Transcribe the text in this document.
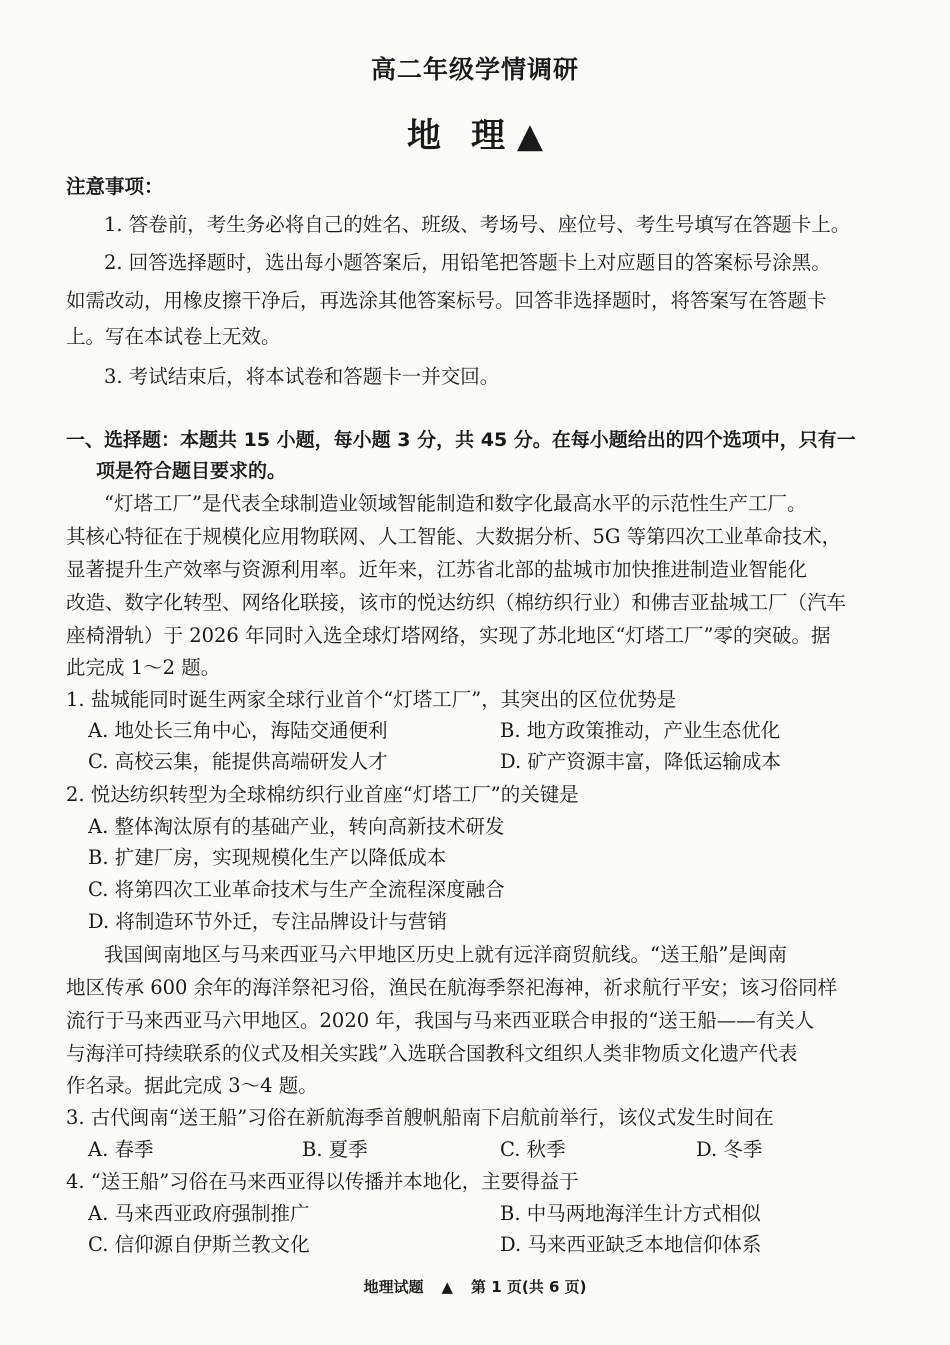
高二年级学情调研
地 理 ▲
注意事项：
1. 答卷前，考生务必将自己的姓名、班级、考场号、座位号、考生号填写在答题卡上。
2. 回答选择题时，选出每小题答案后，用铅笔把答题卡上对应题目的答案标号涂黑。
如需改动，用橡皮擦干净后，再选涂其他答案标号。回答非选择题时，将答案写在答题卡
上。写在本试卷上无效。
3. 考试结束后，将本试卷和答题卡一并交回。
一、选择题：本题共 15 小题，每小题 3 分，共 45 分。在每小题给出的四个选项中，只有一
项是符合题目要求的。
“灯塔工厂”是代表全球制造业领域智能制造和数字化最高水平的示范性生产工厂。
其核心特征在于规模化应用物联网、人工智能、大数据分析、5G 等第四次工业革命技术，
显著提升生产效率与资源利用率。近年来，江苏省北部的盐城市加快推进制造业智能化
改造、数字化转型、网络化联接，该市的悦达纺织（棉纺织行业）和佛吉亚盐城工厂（汽车
座椅滑轨）于 2026 年同时入选全球灯塔网络，实现了苏北地区“灯塔工厂”零的突破。据
此完成 1～2 题。
1. 盐城能同时诞生两家全球行业首个“灯塔工厂”，其突出的区位优势是
A. 地处长三角中心，海陆交通便利	B. 地方政策推动，产业生态优化
C. 高校云集，能提供高端研发人才	D. 矿产资源丰富，降低运输成本
2. 悦达纺织转型为全球棉纺织行业首座“灯塔工厂”的关键是
A. 整体淘汰原有的基础产业，转向高新技术研发
B. 扩建厂房，实现规模化生产以降低成本
C. 将第四次工业革命技术与生产全流程深度融合
D. 将制造环节外迁，专注品牌设计与营销
我国闽南地区与马来西亚马六甲地区历史上就有远洋商贸航线。“送王船”是闽南
地区传承 600 余年的海洋祭祀习俗，渔民在航海季祭祀海神，祈求航行平安；该习俗同样
流行于马来西亚马六甲地区。2020 年，我国与马来西亚联合申报的“送王船——有关人
与海洋可持续联系的仪式及相关实践”入选联合国教科文组织人类非物质文化遗产代表
作名录。据此完成 3～4 题。
3. 古代闽南“送王船”习俗在新航海季首艘帆船南下启航前举行，该仪式发生时间在
A. 春季	B. 夏季	C. 秋季	D. 冬季
4. “送王船”习俗在马来西亚得以传播并本地化，主要得益于
A. 马来西亚政府强制推广	B. 中马两地海洋生计方式相似
C. 信仰源自伊斯兰教文化	D. 马来西亚缺乏本地信仰体系
地理试题 ▲ 第 1 页(共 6 页)
